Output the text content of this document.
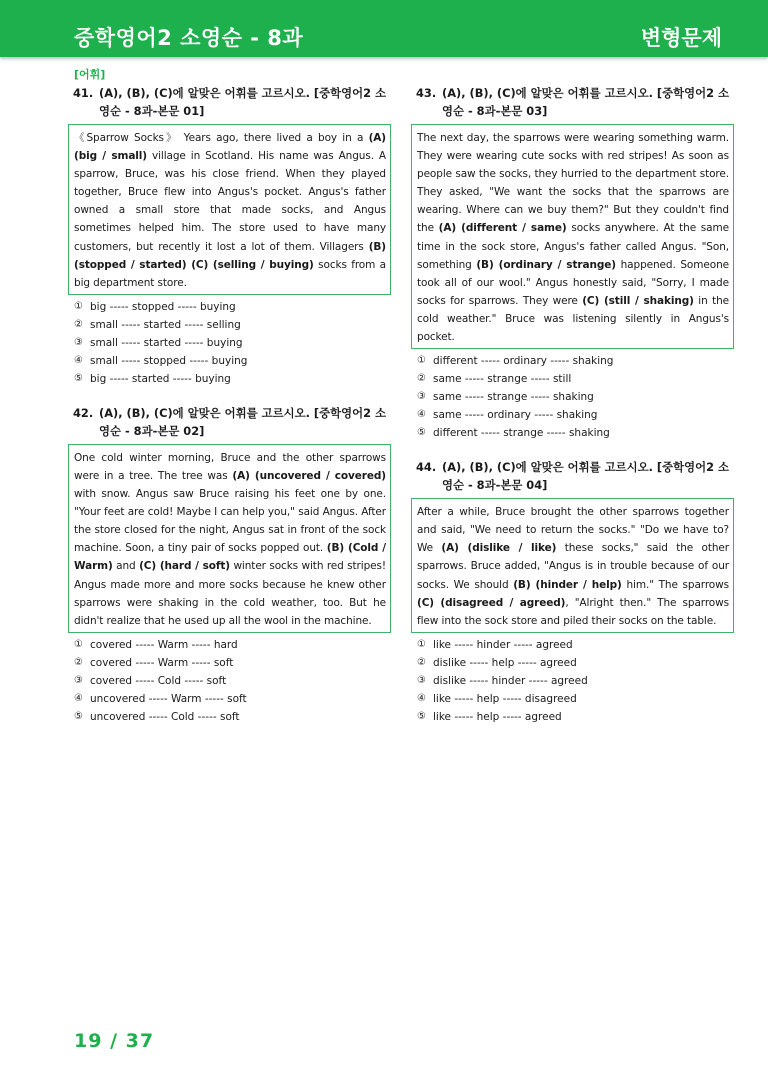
중학영어2 소영순 - 8과	변형문제
[어휘]
41. (A), (B), (C)에 알맞은 어휘를 고르시오. [중학영어2 소영순 - 8과-본문 01]
《Sparrow Socks》 Years ago, there lived a boy in a (A) (big / small) village in Scotland. His name was Angus. A sparrow, Bruce, was his close friend. When they played together, Bruce flew into Angus's pocket. Angus's father owned a small store that made socks, and Angus sometimes helped him. The store used to have many customers, but recently it lost a lot of them. Villagers (B) (stopped / started) (C) (selling / buying) socks from a big department store.
① big ----- stopped ----- buying
② small ----- started ----- selling
③ small ----- started ----- buying
④ small ----- stopped ----- buying
⑤ big ----- started ----- buying
42. (A), (B), (C)에 알맞은 어휘를 고르시오. [중학영어2 소영순 - 8과-본문 02]
One cold winter morning, Bruce and the other sparrows were in a tree. The tree was (A) (uncovered / covered) with snow. Angus saw Bruce raising his feet one by one. "Your feet are cold! Maybe I can help you," said Angus. After the store closed for the night, Angus sat in front of the sock machine. Soon, a tiny pair of socks popped out. (B) (Cold / Warm) and (C) (hard / soft) winter socks with red stripes! Angus made more and more socks because he knew other sparrows were shaking in the cold weather, too. But he didn't realize that he used up all the wool in the machine.
① covered ----- Warm ----- hard
② covered ----- Warm ----- soft
③ covered ----- Cold ----- soft
④ uncovered ----- Warm ----- soft
⑤ uncovered ----- Cold ----- soft
43. (A), (B), (C)에 알맞은 어휘를 고르시오. [중학영어2 소영순 - 8과-본문 03]
The next day, the sparrows were wearing something warm. They were wearing cute socks with red stripes! As soon as people saw the socks, they hurried to the department store. They asked, "We want the socks that the sparrows are wearing. Where can we buy them?" But they couldn't find the (A) (different / same) socks anywhere. At the same time in the sock store, Angus's father called Angus. "Son, something (B) (ordinary / strange) happened. Someone took all of our wool." Angus honestly said, "Sorry, I made socks for sparrows. They were (C) (still / shaking) in the cold weather." Bruce was listening silently in Angus's pocket.
① different ----- ordinary ----- shaking
② same ----- strange ----- still
③ same ----- strange ----- shaking
④ same ----- ordinary ----- shaking
⑤ different ----- strange ----- shaking
44. (A), (B), (C)에 알맞은 어휘를 고르시오. [중학영어2 소영순 - 8과-본문 04]
After a while, Bruce brought the other sparrows together and said, "We need to return the socks." "Do we have to? We (A) (dislike / like) these socks," said the other sparrows. Bruce added, "Angus is in trouble because of our socks. We should (B) (hinder / help) him." The sparrows (C) (disagreed / agreed), "Alright then." The sparrows flew into the sock store and piled their socks on the table.
① like ----- hinder ----- agreed
② dislike ----- help ----- agreed
③ dislike ----- hinder ----- agreed
④ like ----- help ----- disagreed
⑤ like ----- help ----- agreed
19 / 37
